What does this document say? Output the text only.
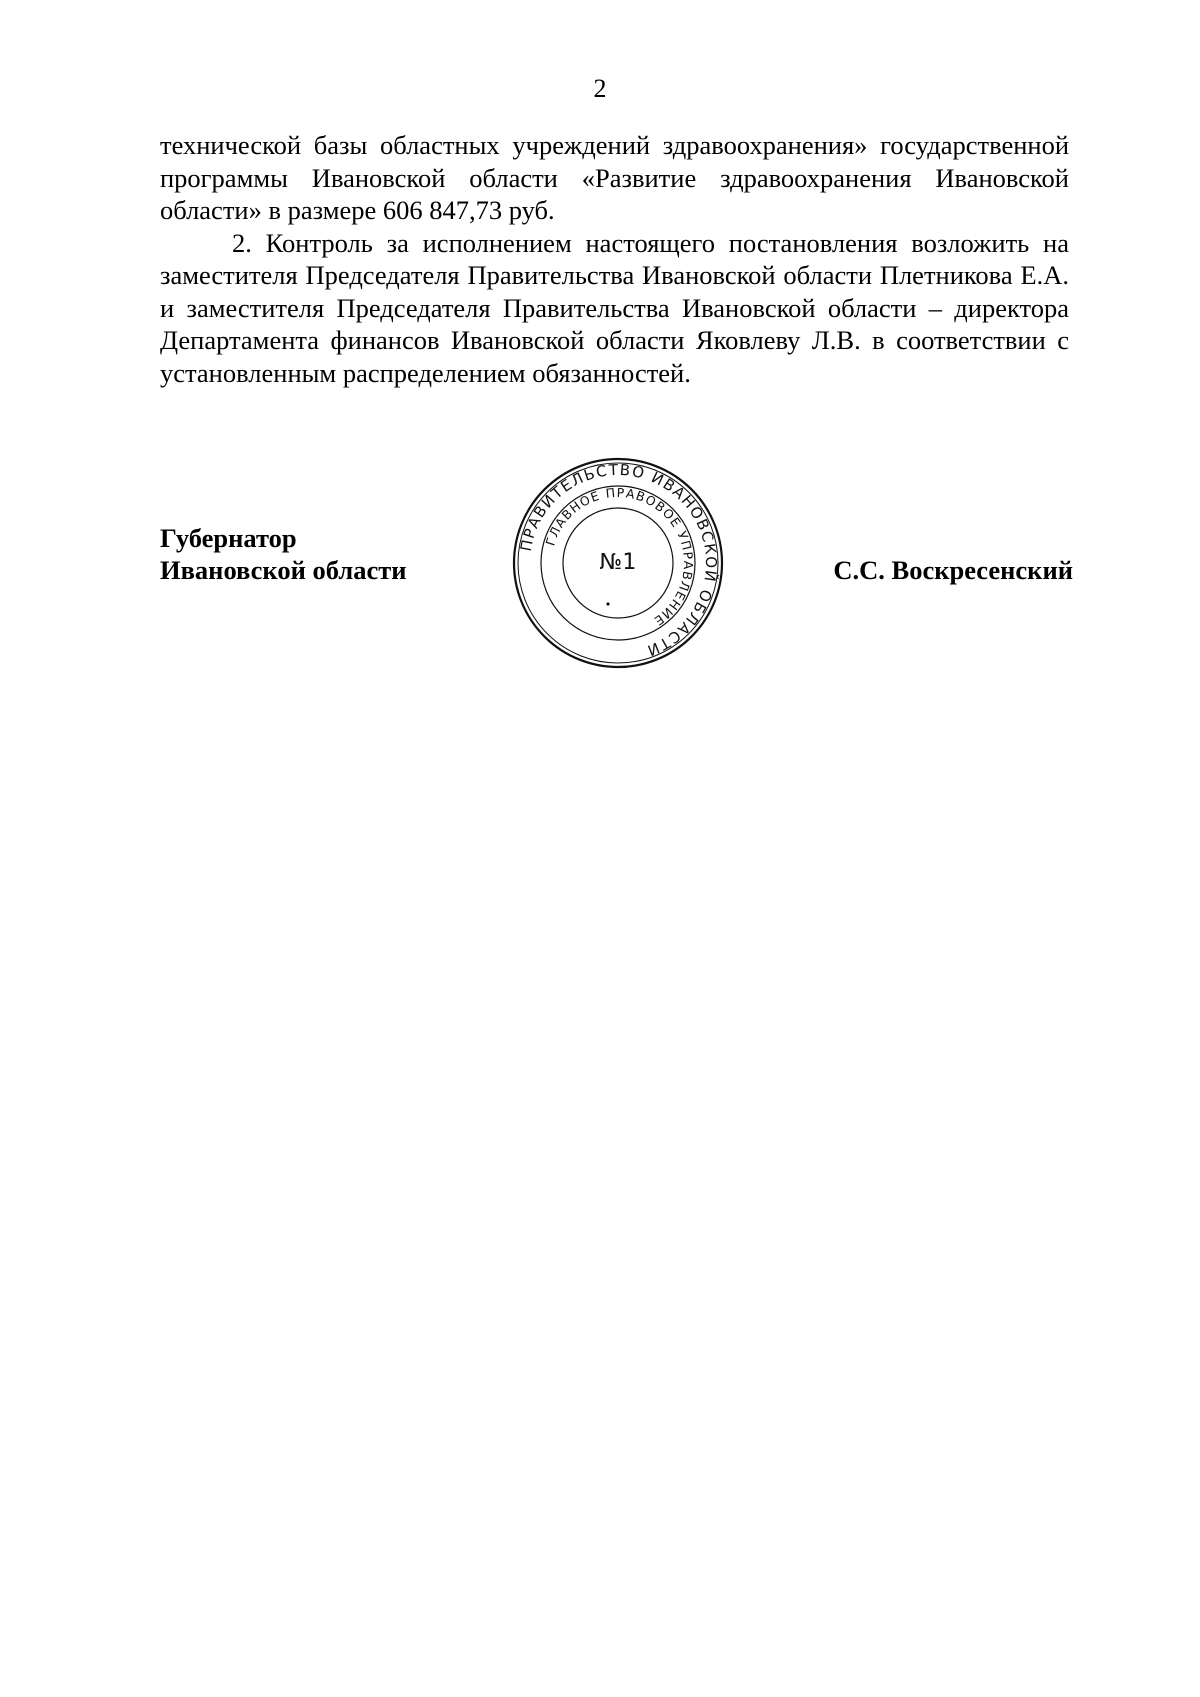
2

технической базы областных учреждений здравоохранения» государственной программы Ивановской области «Развитие здравоохранения Ивановской области» в размере 606 847,73 руб.

2. Контроль за исполнением настоящего постановления возложить на заместителя Председателя Правительства Ивановской области Плетникова Е.А. и заместителя Председателя Правительства Ивановской области – директора Департамента финансов Ивановской области Яковлеву Л.В. в соответствии с установленным распределением обязанностей.

Губернатор
Ивановской области	С.С. Воскресенский
ПРАВИТЕЛЬСТВО ИВАНОВСКОЙ ОБЛАСТИ
ГЛАВНОЕ ПРАВОВОЕ УПРАВЛЕНИЕ
№1
